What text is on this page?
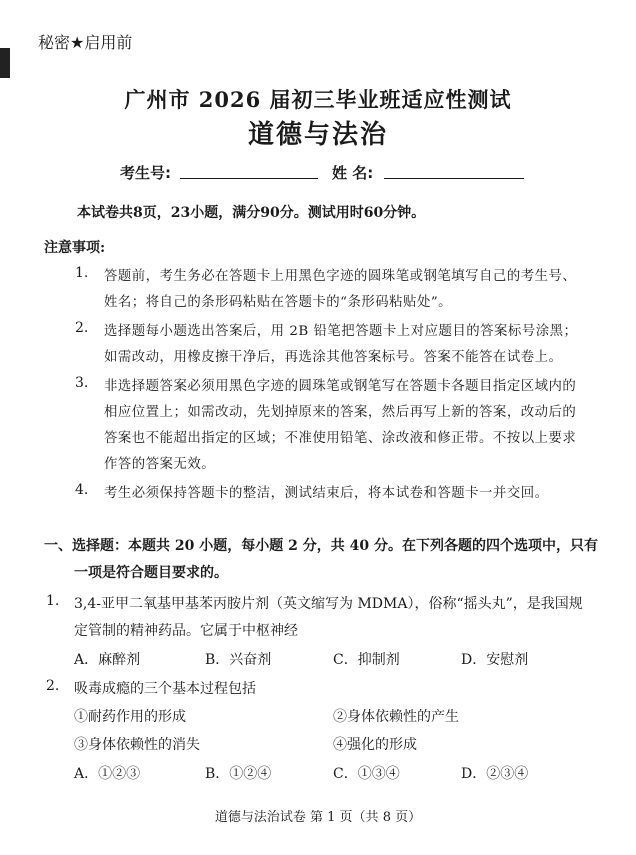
秘密★启用前
广州市 2026 届初三毕业班适应性测试
道德与法治
考生号:	姓 名:
本试卷共8页，23小题，满分90分。测试用时60分钟。
注意事项:
1. 答题前，考生务必在答题卡上用黑色字迹的圆珠笔或钢笔填写自己的考生号、
姓名；将自己的条形码粘贴在答题卡的“条形码粘贴处”。
2. 选择题每小题选出答案后，用 2B 铅笔把答题卡上对应题目的答案标号涂黑；
如需改动，用橡皮擦干净后，再选涂其他答案标号。答案不能答在试卷上。
3. 非选择题答案必须用黑色字迹的圆珠笔或钢笔写在答题卡各题目指定区域内的
相应位置上；如需改动，先划掉原来的答案，然后再写上新的答案，改动后的
答案也不能超出指定的区域；不准使用铅笔、涂改液和修正带。不按以上要求
作答的答案无效。
4. 考生必须保持答题卡的整洁，测试结束后，将本试卷和答题卡一并交回。
一、选择题：本题共 20 小题，每小题 2 分，共 40 分。在下列各题的四个选项中，只有
一项是符合题目要求的。
1. 3,4-亚甲二氧基甲基苯丙胺片剂（英文缩写为 MDMA），俗称“摇头丸”，是我国规
定管制的精神药品。它属于中枢神经
A．麻醉剂	B．兴奋剂	C．抑制剂	D．安慰剂
2. 吸毒成瘾的三个基本过程包括
①耐药作用的形成	②身体依赖性的产生
③身体依赖性的消失	④强化的形成
A．①②③	B．①②④	C．①③④	D．②③④
道德与法治试卷 第 1 页（共 8 页）
